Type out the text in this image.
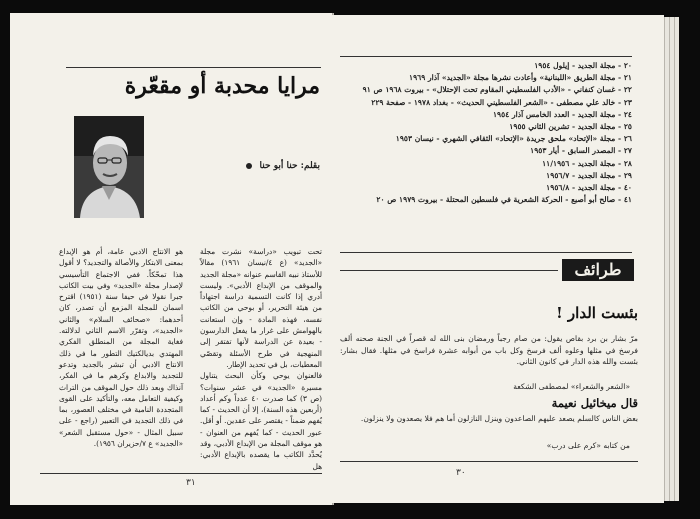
مرايا محدبة أو مقعّرة
بقلم: حنا أبو حنا

تحت تبويب «دراسة» نشرت مجلة «الجديد» (ع ٤/نيسان ١٩٦١) مقالاً للأستاذ نبيه القاسم عنوانه «مجلة الجديد والموقف من الإبداع الأدبي». وليست أدري إذا كانت التسمية دراسة اجتهاداً من هيئة التحرير، أو بوحي من الكاتب نفسه، فهذه المادة - وإن استعانت بالهوامش على غرار ما يفعل الدارسون - بعيدة عن الدراسة لأنها تفتقر إلى المنهجية في طرح الأسئلة وتقصّي المعطيات، بل في تحديد الإطار.

فالعنوان يوحي وكأن البحث يتناول مسيرة «الجديد» في عشر سنوات؟ (ص ٣) كما صدرت ٤٠ عدداً وكم أعداد (أربعين هذه السنة)، إلا أن الحديث - كما يُفهم ضمناً - يقتصر على عقدين. أو أقل. عبور الحديث - كما يُفهم من العنوان - هو موقف المجلة من الإبداع الأدبي، وقد يُحدَّد الكاتب ما يقصده بالإبداع الأدبي: هل

هو الانتاج الادبي عامة، أم هو الإبداع بمعنى الابتكار والأصالة والتجديد؟ لا أقول هذا تمحّكاً. ففي الاجتماع التأسيسي لإصدار مجلة «الجديد» وفي بيت الكاتب جبرا نقولا في حيفا سنة (١٩٥١) اقترح اسمان للمجلة المزمع أن تصدر، كان أحدهما: «صحائف السلام» والثاني «الجديد»، وتقرّر الاسم الثاني لدلالته. فغاية المجلة من المنطلق الفكري المهتدي بديالكتيك التطور ما في ذلك الانتاج الادبي أن تبشر بالجديد وتدعو للتجديد والابداع وكرهم ما في الفكر، آنذاك وبعد ذلك حول الموقف من التراث وكيفية التعامل معه، والتأكيد على القوى المتجددة النامية في مختلف العصور، بما في ذلك التجديد في التعبير (راجع - على سبيل المثال - «حول مستقبل الشعر» «الجديد» ع ٧/حزيران ١٩٥٦).

٣١
٢٠ - مجلة الجديد - إيلول ١٩٥٤
٢١ - مجلة الطريق «اللبنانية» وأعادت نشرها مجلة «الجديد» آذار ١٩٦٩
٢٢ - غسان كنفاني - «الأدب الفلسطيني المقاوم تحت الإحتلال» - بيروت ١٩٦٨ ص ٩١
٢٣ - خالد علي مصطفى - «الشعر الفلسطيني الحديث» - بغداد ١٩٧٨ - صفحة ٢٢٩
٢٤ - مجلة الجديد - العدد الخامس آذار ١٩٥٤
٢٥ - مجلة الجديد - تشرين الثاني ١٩٥٥
٢٦ - مجلة «الإتحاد» ملحق جريدة «الإتحاد» الثقافي الشهري - نيسان ١٩٥٣
٢٧ - المصدر السابق - أيار ١٩٥٣
٢٨ - مجلة الجديد - ١١/١٩٥٦
٢٩ - مجلة الجديد - ١٩٥٦/٧
٤٠ - مجلة الجديد - ١٩٥٦/٨
٤١ - صالح أبو أصبع - الحركة الشعرية في فلسطين المحتلة - بيروت ١٩٧٩ ص ٢٠
طرائف
بئست الدار !
مرّ بشار بن برد بقاص يقول: من صام رجباً ورمضان بنى الله له قصراً في الجنة صحنه ألف فرسخ في مثلها وعلوه ألف فرسخ وكل باب من أبوابه عشرة فراسخ في مثلها. فقال بشار: بئست والله هذه الدار في كانون الثاني.
«الشعر والشعراء» لمصطفى الشكعة
قال ميخائيل نعيمة
بعض الناس كالسلم يصعد عليهم الصاعدون وينزل النازلون أما هم فلا يصعدون ولا ينزلون.
من كتابه «كرم على درب»
٣٠
